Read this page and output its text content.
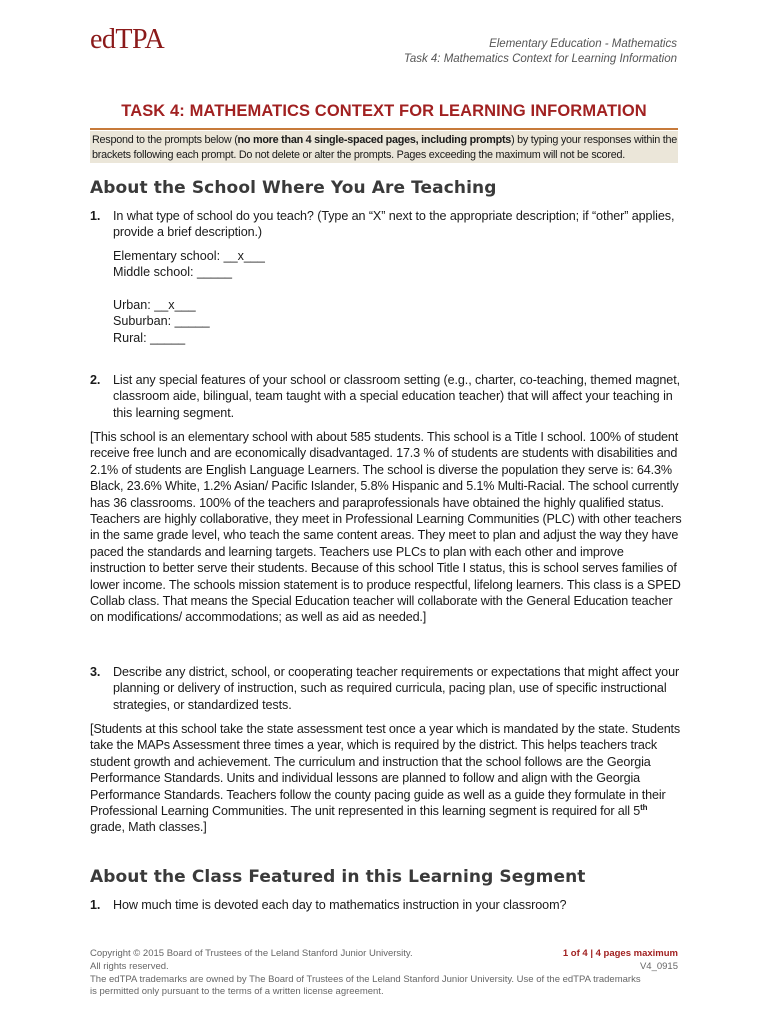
edTPA	Elementary Education - Mathematics
Task 4: Mathematics Context for Learning Information
TASK 4: MATHEMATICS CONTEXT FOR LEARNING INFORMATION
Respond to the prompts below (no more than 4 single-spaced pages, including prompts) by typing your responses within the brackets following each prompt. Do not delete or alter the prompts. Pages exceeding the maximum will not be scored.
About the School Where You Are Teaching
1. In what type of school do you teach? (Type an “X” next to the appropriate description; if “other” applies, provide a brief description.)
Elementary school: __x___
Middle school: _____
Urban: __x___
Suburban: _____
Rural: _____
2. List any special features of your school or classroom setting (e.g., charter, co-teaching, themed magnet, classroom aide, bilingual, team taught with a special education teacher) that will affect your teaching in this learning segment.
[This school is an elementary school with about 585 students. This school is a Title I school. 100% of student receive free lunch and are economically disadvantaged. 17.3 % of students are students with disabilities and 2.1% of students are English Language Learners. The school is diverse the population they serve is: 64.3% Black, 23.6% White, 1.2% Asian/ Pacific Islander, 5.8% Hispanic and 5.1% Multi-Racial. The school currently has 36 classrooms. 100% of the teachers and paraprofessionals have obtained the highly qualified status. Teachers are highly collaborative, they meet in Professional Learning Communities (PLC) with other teachers in the same grade level, who teach the same content areas. They meet to plan and adjust the way they have paced the standards and learning targets. Teachers use PLCs to plan with each other and improve instruction to better serve their students. Because of this school Title I status, this is school serves families of lower income. The schools mission statement is to produce respectful, lifelong learners. This class is a SPED Collab class. That means the Special Education teacher will collaborate with the General Education teacher on modifications/ accommodations; as well as aid as needed.]
3. Describe any district, school, or cooperating teacher requirements or expectations that might affect your planning or delivery of instruction, such as required curricula, pacing plan, use of specific instructional strategies, or standardized tests.
[Students at this school take the state assessment test once a year which is mandated by the state. Students take the MAPs Assessment three times a year, which is required by the district. This helps teachers track student growth and achievement. The curriculum and instruction that the school follows are the Georgia Performance Standards. Units and individual lessons are planned to follow and align with the Georgia Performance Standards. Teachers follow the county pacing guide as well as a guide they formulate in their Professional Learning Communities. The unit represented in this learning segment is required for all 5th grade, Math classes.]
About the Class Featured in this Learning Segment
1. How much time is devoted each day to mathematics instruction in your classroom?
Copyright © 2015 Board of Trustees of the Leland Stanford Junior University.
All rights reserved.
The edTPA trademarks are owned by The Board of Trustees of the Leland Stanford Junior University. Use of the edTPA trademarks is permitted only pursuant to the terms of a written license agreement.
1 of 4 | 4 pages maximum
V4_0915
